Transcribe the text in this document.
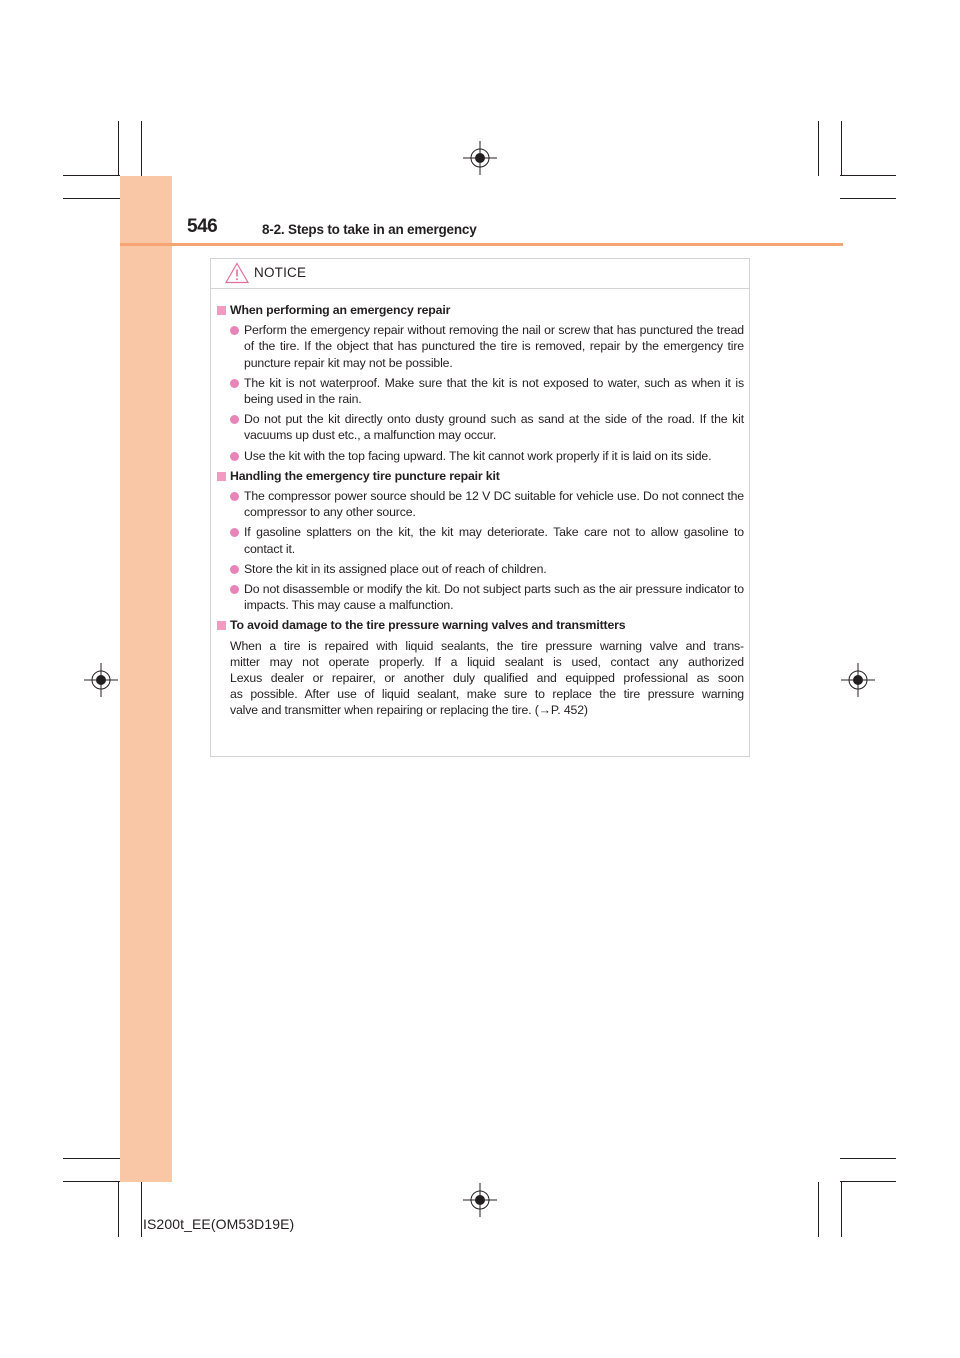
546	8-2. Steps to take in an emergency
NOTICE
When performing an emergency repair
Perform the emergency repair without removing the nail or screw that has punctured the tread of the tire. If the object that has punctured the tire is removed, repair by the emergency tire puncture repair kit may not be possible.
The kit is not waterproof. Make sure that the kit is not exposed to water, such as when it is being used in the rain.
Do not put the kit directly onto dusty ground such as sand at the side of the road. If the kit vacuums up dust etc., a malfunction may occur.
Use the kit with the top facing upward. The kit cannot work properly if it is laid on its side.
Handling the emergency tire puncture repair kit
The compressor power source should be 12 V DC suitable for vehicle use. Do not connect the compressor to any other source.
If gasoline splatters on the kit, the kit may deteriorate. Take care not to allow gasoline to contact it.
Store the kit in its assigned place out of reach of children.
Do not disassemble or modify the kit. Do not subject parts such as the air pressure indicator to impacts. This may cause a malfunction.
To avoid damage to the tire pressure warning valves and transmitters
When a tire is repaired with liquid sealants, the tire pressure warning valve and trans-
mitter may not operate properly. If a liquid sealant is used, contact any authorized
Lexus dealer or repairer, or another duly qualified and equipped professional as soon
as possible. After use of liquid sealant, make sure to replace the tire pressure warning
valve and transmitter when repairing or replacing the tire. (→P. 452)
IS200t_EE(OM53D19E)
